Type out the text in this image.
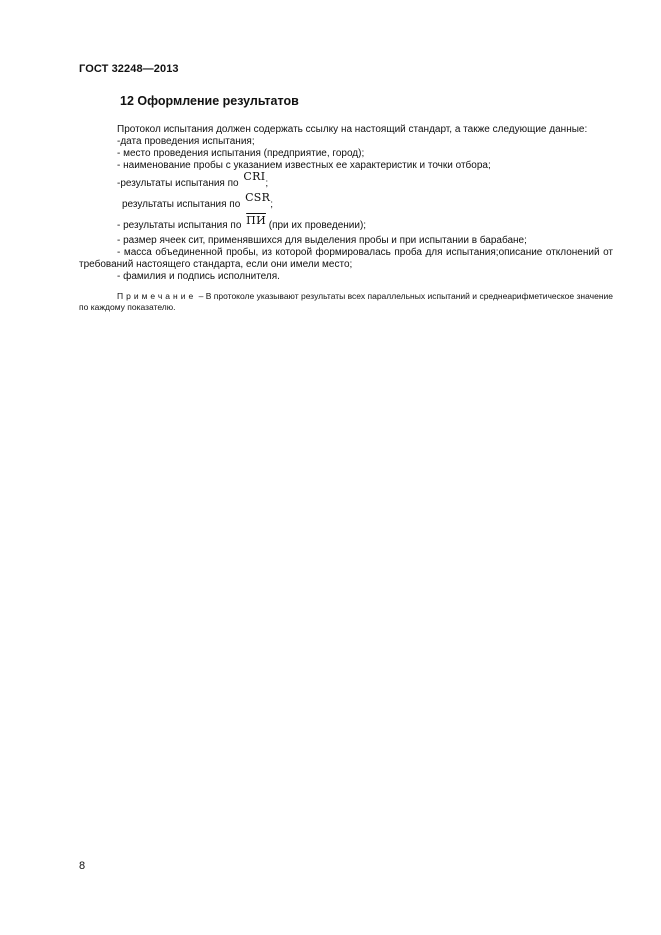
ГОСТ 32248—2013
12 Оформление результатов

Протокол испытания должен содержать ссылку на настоящий стандарт, а также следующие данные:

-дата проведения испытания;

- место проведения испытания (предприятие, город);

- наименование пробы с указанием известных ее характеристик и точки отбора;

-результаты испытания по CRI;

результаты испытания по CSR;

- результаты испытания по ПИ (при их проведении);

- размер ячеек сит, применявшихся для выделения пробы и при испытании в барабане;

- масса объединенной пробы, из которой формировалась проба для испытания;описание отклонений от требований настоящего стандарта, если они имели место;

- фамилия и подпись исполнителя.

Примечание – В протоколе указывают результаты всех параллельных испытаний и среднеарифметическое значение по каждому показателю.

8
